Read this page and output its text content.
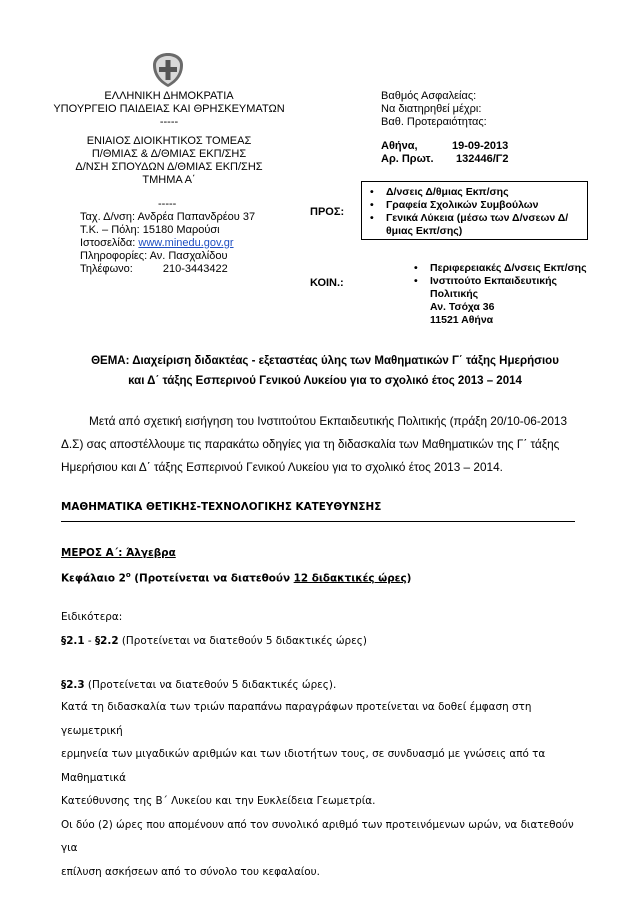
ΕΛΛΗΝΙΚΗ ΔΗΜΟΚΡΑΤΙΑ
ΥΠΟΥΡΓΕΙΟ ΠΑΙΔΕΙΑΣ ΚΑΙ ΘΡΗΣΚΕΥΜΑΤΩΝ
-----
ΕΝΙΑΙΟΣ ΔΙΟΙΚΗΤΙΚΟΣ ΤΟΜΕΑΣ
Π/ΘΜΙΑΣ & Δ/ΘΜΙΑΣ ΕΚΠ/ΣΗΣ
Δ/ΝΣΗ ΣΠΟΥΔΩΝ Δ/ΘΜΙΑΣ ΕΚΠ/ΣΗΣ
ΤΜΗΜΑ Α΄
-----
Ταχ. Δ/νση: Ανδρέα Παπανδρέου 37
Τ.Κ. – Πόλη: 15180 Μαρούσι
Ιστοσελίδα: www.minedu.gov.gr
Πληροφορίες: Αν. Πασχαλίδου
Τηλέφωνο:	210-3443422
Βαθμός Ασφαλείας:
Να διατηρηθεί μέχρι:
Βαθ. Προτεραιότητας:
Αθήνα,	19-09-2013
Αρ. Πρωτ. 132446/Γ2
ΠΡΟΣ:
• Δ/νσεις Δ/θμιας Εκπ/σης
• Γραφεία Σχολικών Συμβούλων
• Γενικά Λύκεια (μέσω των Δ/νσεων Δ/θμιας Εκπ/σης)
ΚΟΙΝ.:
• Περιφερειακές Δ/νσεις Εκπ/σης
• Ινστιτούτο Εκπαιδευτικής Πολιτικής
Αν. Τσόχα 36
11521 Αθήνα
ΘΕΜΑ: Διαχείριση διδακτέας - εξεταστέας ύλης των Μαθηματικών Γ΄ τάξης Ημερήσιου
και Δ΄ τάξης Εσπερινού Γενικού Λυκείου για το σχολικό έτος 2013 – 2014
Μετά από σχετική εισήγηση του Ινστιτούτου Εκπαιδευτικής Πολιτικής (πράξη 20/10-06-2013
Δ.Σ) σας αποστέλλουμε τις παρακάτω οδηγίες για τη διδασκαλία των Μαθηματικών της Γ΄ τάξης
Ημερήσιου και Δ΄ τάξης Εσπερινού Γενικού Λυκείου για το σχολικό έτος 2013 – 2014.
ΜΑΘΗΜΑΤΙΚΑ ΘΕΤΙΚΗΣ-ΤΕΧΝΟΛΟΓΙΚΗΣ ΚΑΤΕΥΘΥΝΣΗΣ
ΜΕΡΟΣ Α΄: Άλγεβρα
Κεφάλαιο $2^o$ (Προτείνεται να διατεθούν 12 διδακτικές ώρες)
Ειδικότερα:
§2.1 - §2.2 (Προτείνεται να διατεθούν 5 διδακτικές ώρες)
§2.3 (Προτείνεται να διατεθούν 5 διδακτικές ώρες).
Κατά τη διδασκαλία των τριών παραπάνω παραγράφων προτείνεται να δοθεί έμφαση στη γεωμετρική
ερμηνεία των μιγαδικών αριθμών και των ιδιοτήτων τους, σε συνδυασμό με γνώσεις από τα Μαθηματικά
Κατεύθυνσης της Β΄ Λυκείου και την Ευκλείδεια Γεωμετρία.
Οι δύο (2) ώρες που απομένουν από τον συνολικό αριθμό των προτεινόμενων ωρών, να διατεθούν για
επίλυση ασκήσεων από το σύνολο του κεφαλαίου.
